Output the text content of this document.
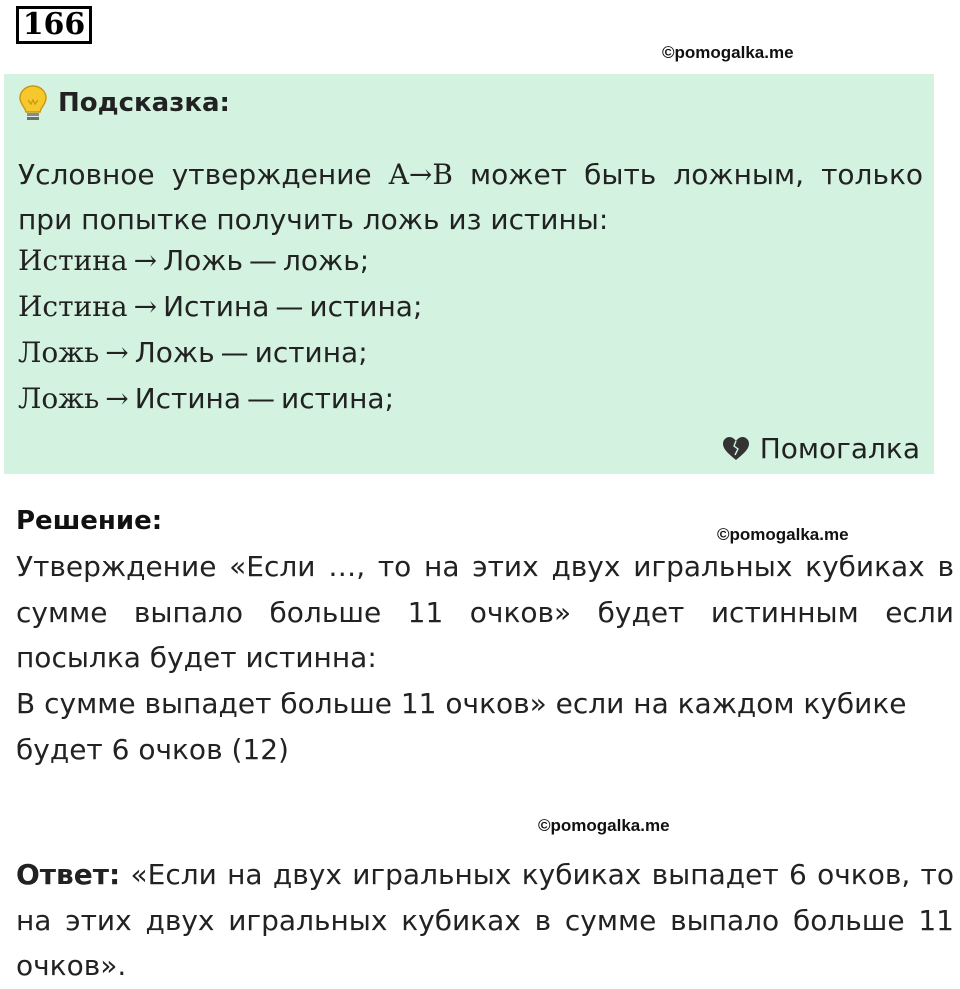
166
©pomogalka.me
Подсказка:
Условное утверждение A→B может быть ложным, только при попытке получить ложь из истины:
Истина → Ложь — ложь;
Истина → Истина — истина;
Ложь → Ложь — истина;
Ложь → Истина — истина;
Помогалка
Решение:	©pomogalka.me
Утверждение «Если …, то на этих двух игральных кубиках в сумме выпало больше 11 очков» будет истинным если посылка будет истинна:
В сумме выпадет больше 11 очков» если на каждом кубике будет 6 очков (12)
©pomogalka.me
Ответ: «Если на двух игральных кубиках выпадет 6 очков, то на этих двух игральных кубиках в сумме выпало больше 11 очков».
